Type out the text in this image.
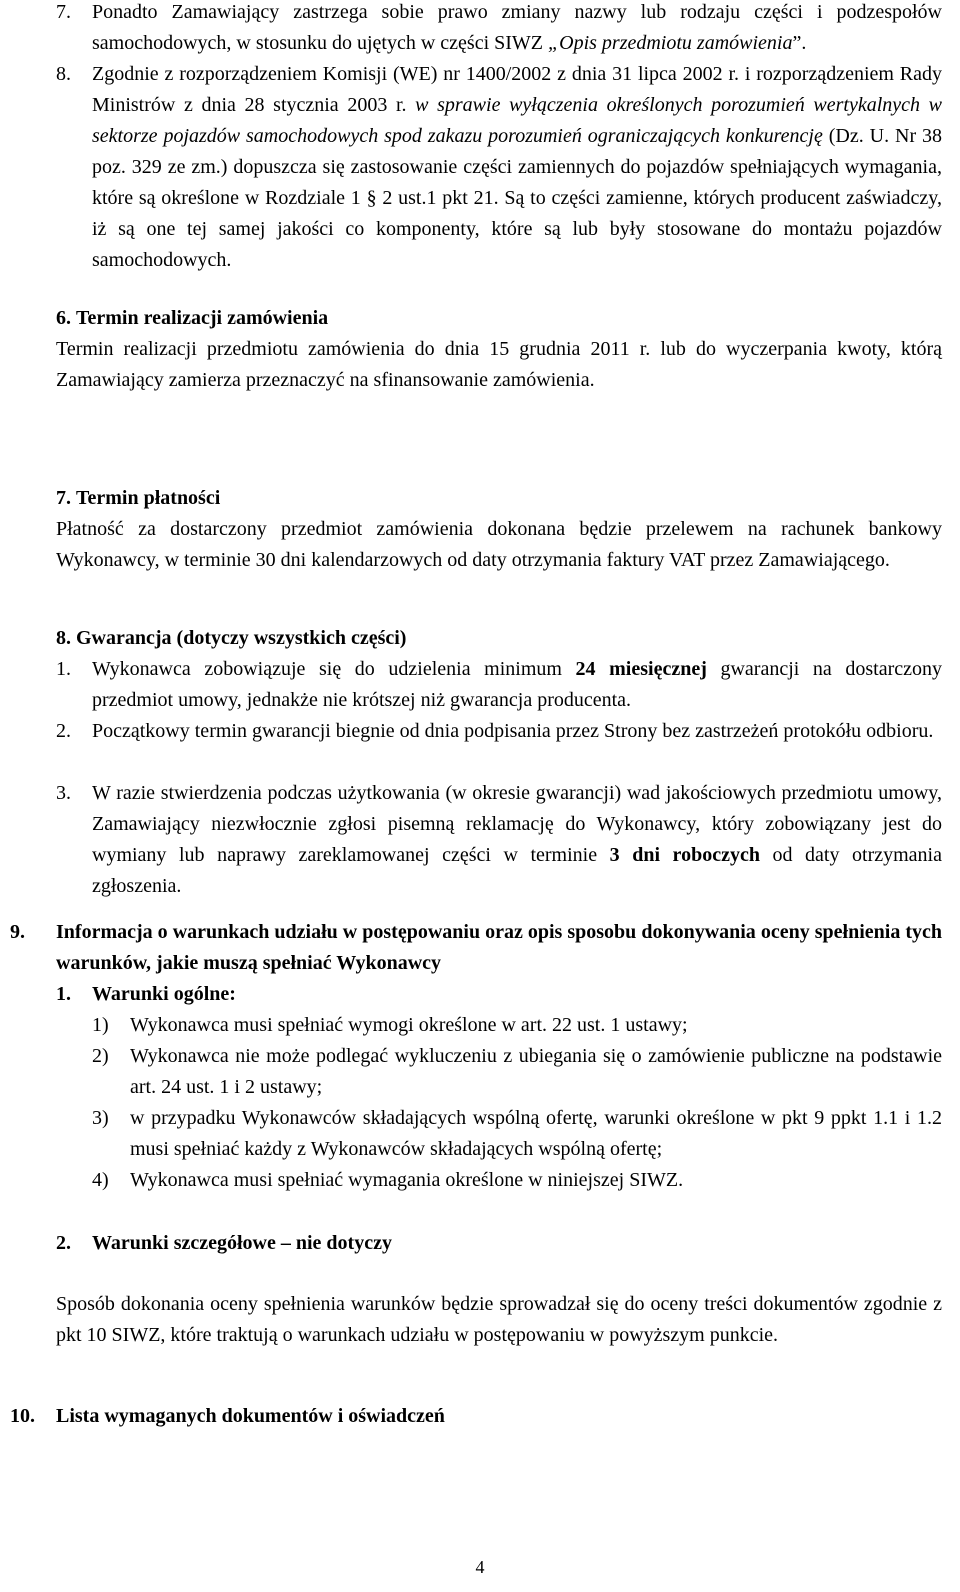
7.	Ponadto Zamawiający zastrzega sobie prawo zmiany nazwy lub rodzaju części i podzespołów samochodowych, w stosunku do ujętych w części SIWZ „Opis przedmiotu zamówienia”.

8.	Zgodnie z rozporządzeniem Komisji (WE) nr 1400/2002 z dnia 31 lipca 2002 r. i rozporządzeniem Rady Ministrów z dnia 28 stycznia 2003 r. w sprawie wyłączenia określonych porozumień wertykalnych w sektorze pojazdów samochodowych spod zakazu porozumień ograniczających konkurencję (Dz. U. Nr 38 poz. 329 ze zm.) dopuszcza się zastosowanie części zamiennych do pojazdów spełniających wymagania, które są określone w Rozdziale 1 § 2 ust.1 pkt 21. Są to części zamienne, których producent zaświadczy, iż są one tej samej jakości co komponenty, które są lub były stosowane do montażu pojazdów samochodowych.

6. Termin realizacji zamówienia

Termin realizacji przedmiotu zamówienia do dnia 15 grudnia 2011 r. lub do wyczerpania kwoty, którą Zamawiający zamierza przeznaczyć na sfinansowanie zamówienia.

7. Termin płatności

Płatność za dostarczony przedmiot zamówienia dokonana będzie przelewem na rachunek bankowy Wykonawcy, w terminie 30 dni kalendarzowych od daty otrzymania faktury VAT przez Zamawiającego.

8. Gwarancja (dotyczy wszystkich części)
1.	Wykonawca zobowiązuje się do udzielenia minimum 24 miesięcznej gwarancji na dostarczony przedmiot umowy, jednakże nie krótszej niż gwarancja producenta.

2.	Początkowy termin gwarancji biegnie od dnia podpisania przez Strony bez zastrzeżeń protokółu odbioru.

3.	W razie stwierdzenia podczas użytkowania (w okresie gwarancji) wad jakościowych przedmiotu umowy, Zamawiający niezwłocznie zgłosi pisemną reklamację do Wykonawcy, który zobowiązany jest do wymiany lub naprawy zareklamowanej części w terminie 3 dni roboczych od daty otrzymania zgłoszenia.

9. Informacja o warunkach udziału w postępowaniu oraz opis sposobu dokonywania oceny spełnienia tych warunków, jakie muszą spełniać Wykonawcy

1. Warunki ogólne:
1)	Wykonawca musi spełniać wymogi określone w art. 22 ust. 1 ustawy;
2)	Wykonawca nie może podlegać wykluczeniu z ubiegania się o zamówienie publiczne na podstawie art. 24 ust. 1 i 2 ustawy;
3)	w przypadku Wykonawców składających wspólną ofertę, warunki określone w pkt 9 ppkt 1.1 i 1.2 musi spełniać każdy z Wykonawców składających wspólną ofertę;
4)	Wykonawca musi spełniać wymagania określone w niniejszej SIWZ.
2. Warunki szczegółowe – nie dotyczy

Sposób dokonania oceny spełnienia warunków będzie sprowadzał się do oceny treści dokumentów zgodnie z pkt 10 SIWZ, które traktują o warunkach udziału w postępowaniu w powyższym punkcie.

10. Lista wymaganych dokumentów i oświadczeń
4
